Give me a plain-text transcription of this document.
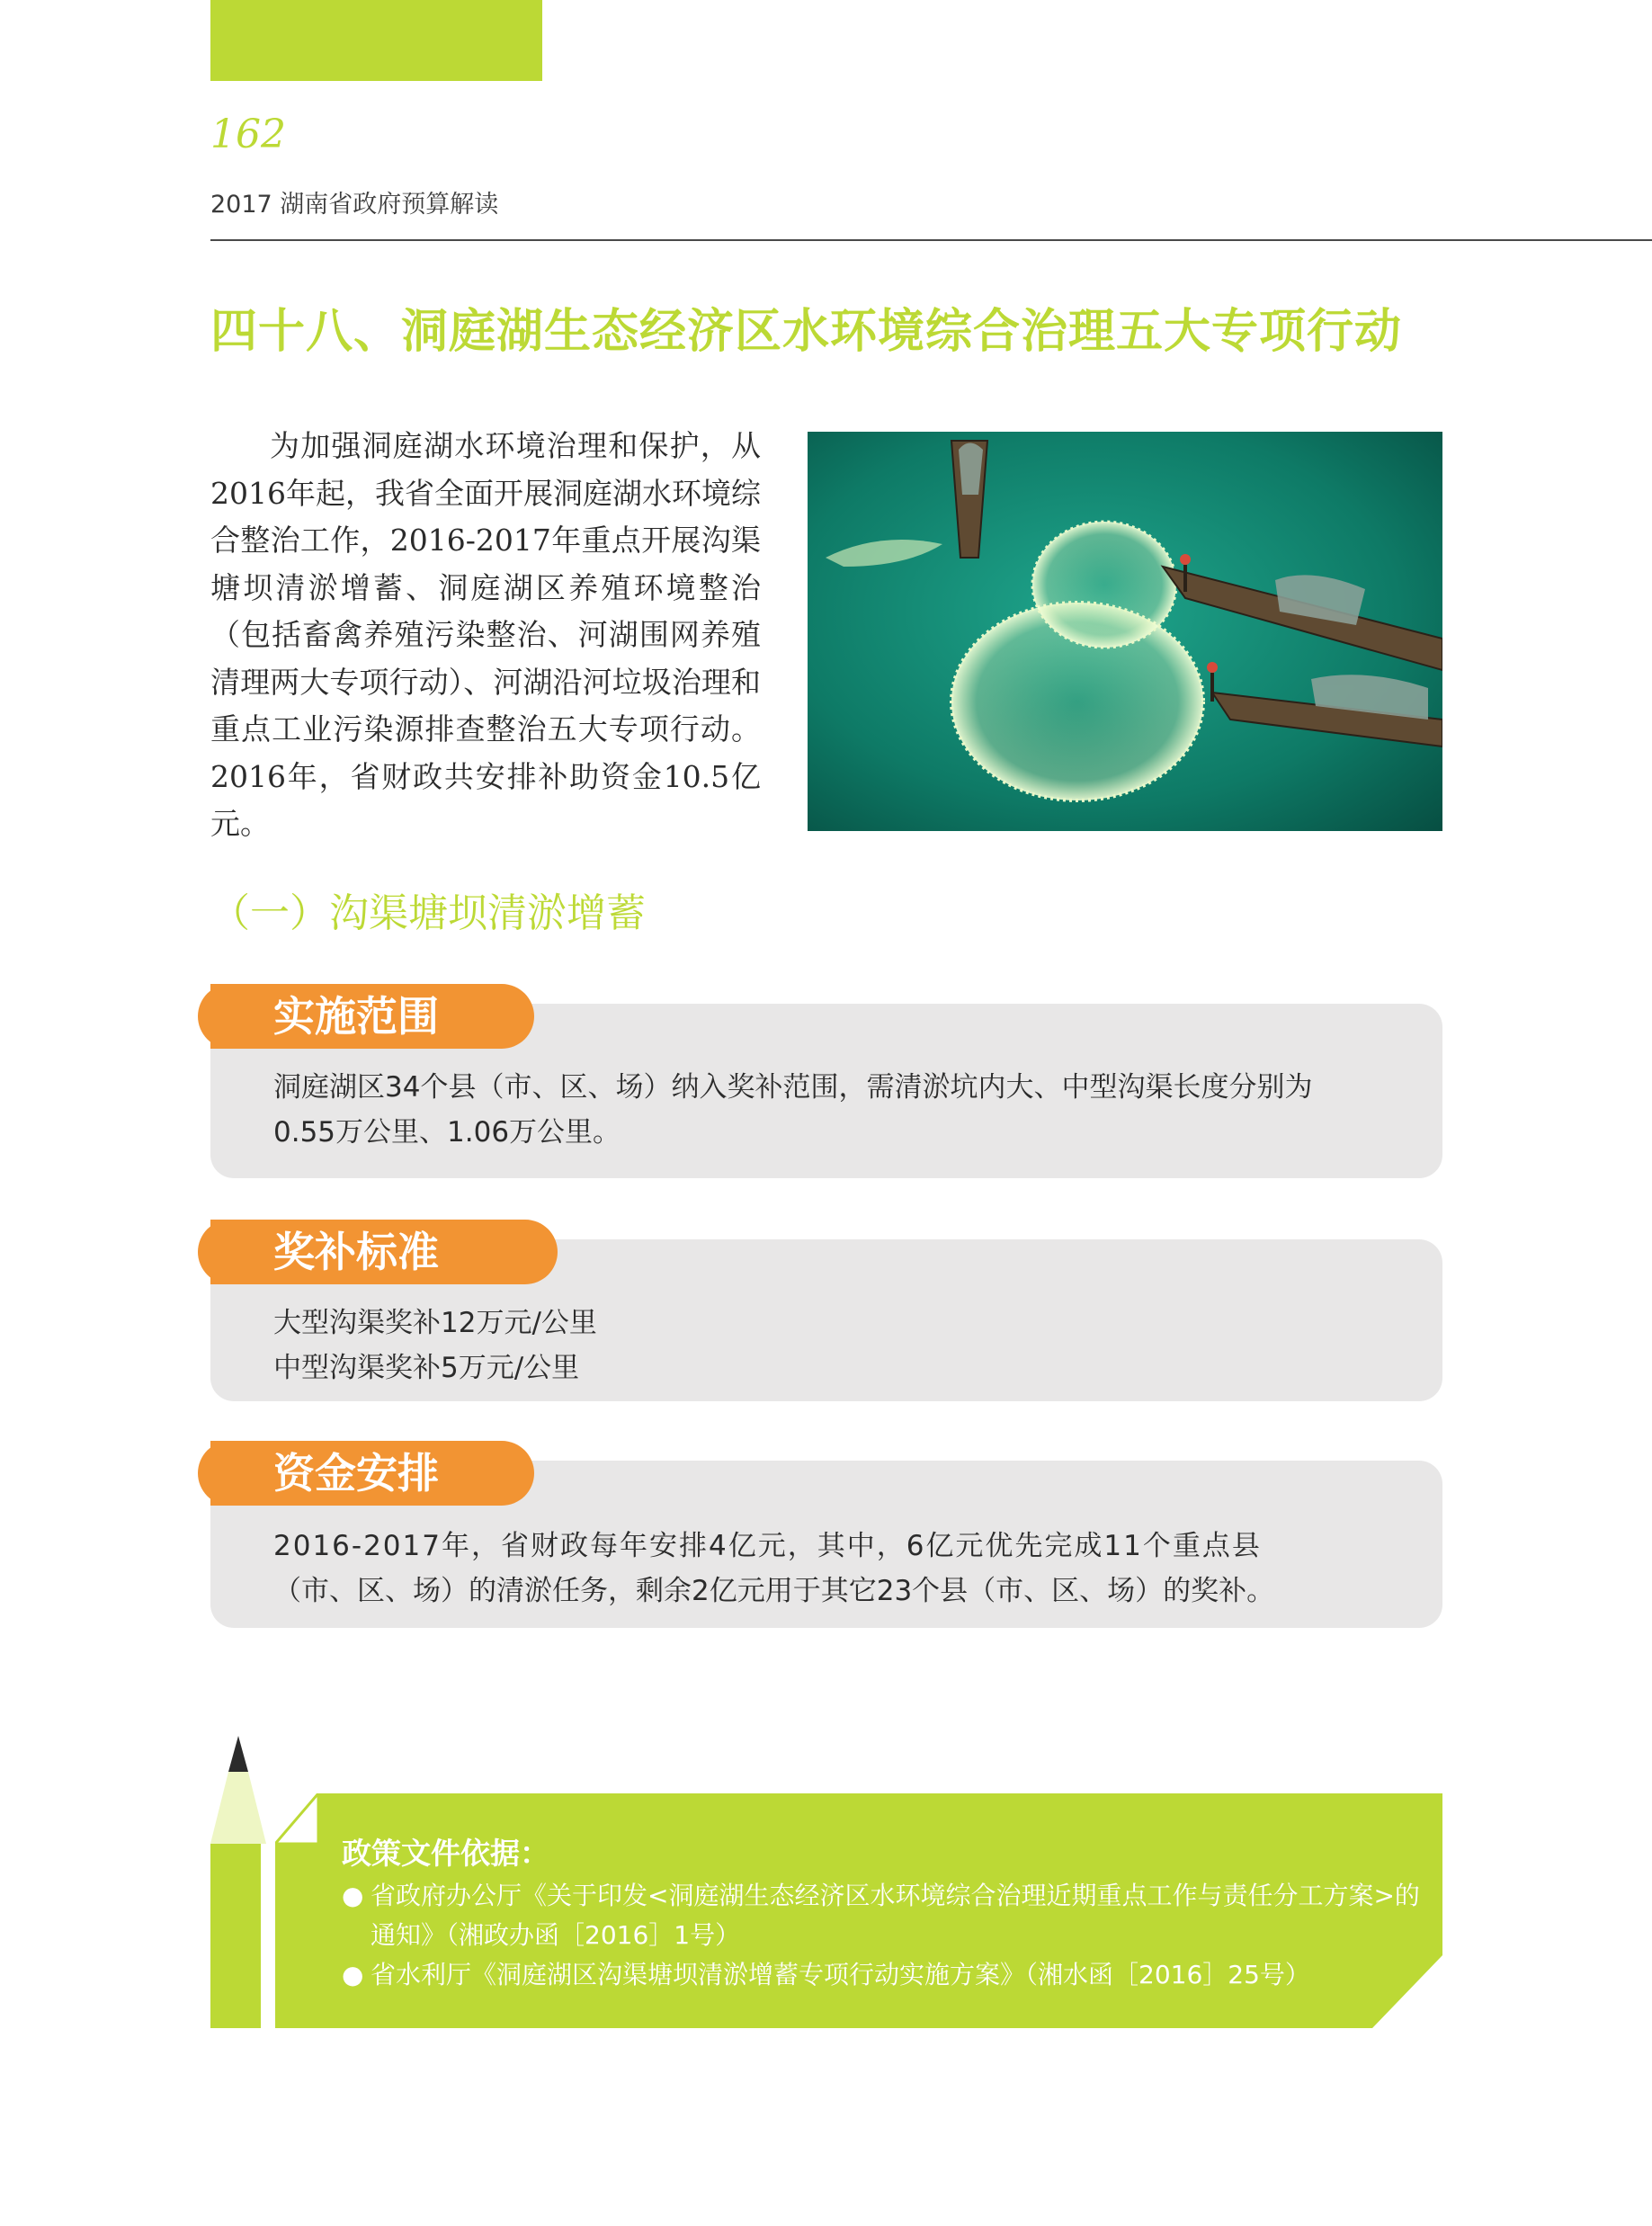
162
2017 湖南省政府预算解读
四十八、洞庭湖生态经济区水环境综合治理五大专项行动

为加强洞庭湖水环境治理和保护，从2016年起，我省全面开展洞庭湖水环境综合整治工作，2016-2017年重点开展沟渠塘坝清淤增蓄、洞庭湖区养殖环境整治（包括畜禽养殖污染整治、河湖围网养殖清理两大专项行动）、河湖沿河垃圾治理和重点工业污染源排查整治五大专项行动。2016年，省财政共安排补助资金10.5亿元。

（一）沟渠塘坝清淤增蓄

洞庭湖区34个县（市、区、场）纳入奖补范围，需清淤坑内大、中型沟渠长度分别为

0.55万公里、1.06万公里。

实施范围

大型沟渠奖补12万元/公里

中型沟渠奖补5万元/公里

奖补标准

2016-2017年，省财政每年安排4亿元，其中，6亿元优先完成11个重点县

（市、区、场）的清淤任务，剩余2亿元用于其它23个县（市、区、场）的奖补。

资金安排

政策文件依据：

● 省政府办公厅《关于印发<洞庭湖生态经济区水环境综合治理近期重点工作与责任分工方案>的通知》（湘政办函［2016］1号）

● 省水利厅《洞庭湖区沟渠塘坝清淤增蓄专项行动实施方案》（湘水函［2016］25号）
